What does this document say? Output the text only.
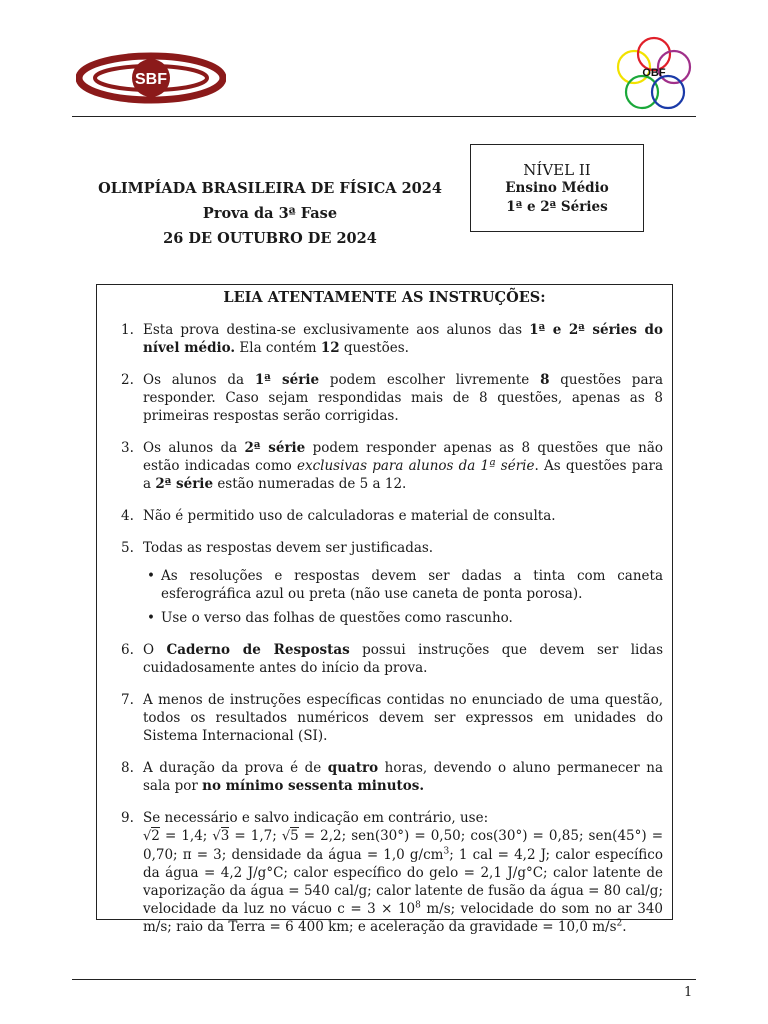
SBF	OBF
OLIMPÍADA BRASILEIRA DE FÍSICA 2024
Prova da 3ª Fase
26 DE OUTUBRO DE 2024
NÍVEL II
Ensino Médio
1ª e 2ª Séries
LEIA ATENTAMENTE AS INSTRUÇÕES:
1. Esta prova destina-se exclusivamente aos alunos das 1ª e 2ª séries do nível médio. Ela contém 12 questões.
2. Os alunos da 1ª série podem escolher livremente 8 questões para responder. Caso sejam respondidas mais de 8 questões, apenas as 8 primeiras respostas serão corrigidas.
3. Os alunos da 2ª série podem responder apenas as 8 questões que não estão indicadas como exclusivas para alunos da 1ª série. As questões para a 2ª série estão numeradas de 5 a 12.
4. Não é permitido uso de calculadoras e material de consulta.
5. Todas as respostas devem ser justificadas.
• As resoluções e respostas devem ser dadas a tinta com caneta esferográfica azul ou preta (não use caneta de ponta porosa).
• Use o verso das folhas de questões como rascunho.
6. O Caderno de Respostas possui instruções que devem ser lidas cuidadosamente antes do início da prova.
7. A menos de instruções específicas contidas no enunciado de uma questão, todos os resultados numéricos devem ser expressos em unidades do Sistema Internacional (SI).
8. A duração da prova é de quatro horas, devendo o aluno permanecer na sala por no mínimo sessenta minutos.
9. Se necessário e salvo indicação em contrário, use:
√2 = 1,4; √3 = 1,7; √5 = 2,2; sen(30°) = 0,50; cos(30°) = 0,85; sen(45°) = 0,70; π = 3; densidade da água = 1,0 $g/cm^3$; 1 cal = 4,2 J; calor específico da água = 4,2 J/g°C; calor específico do gelo = 2,1 J/g°C; calor latente de vaporização da água = 540 cal/g; calor latente de fusão da água = 80 cal/g; velocidade da luz no vácuo $c = 3 \times 10^8$ m/s; velocidade do som no ar 340 m/s; raio da Terra = 6 400 km; e aceleração da gravidade = 10,0 $m/s^2$.
1
